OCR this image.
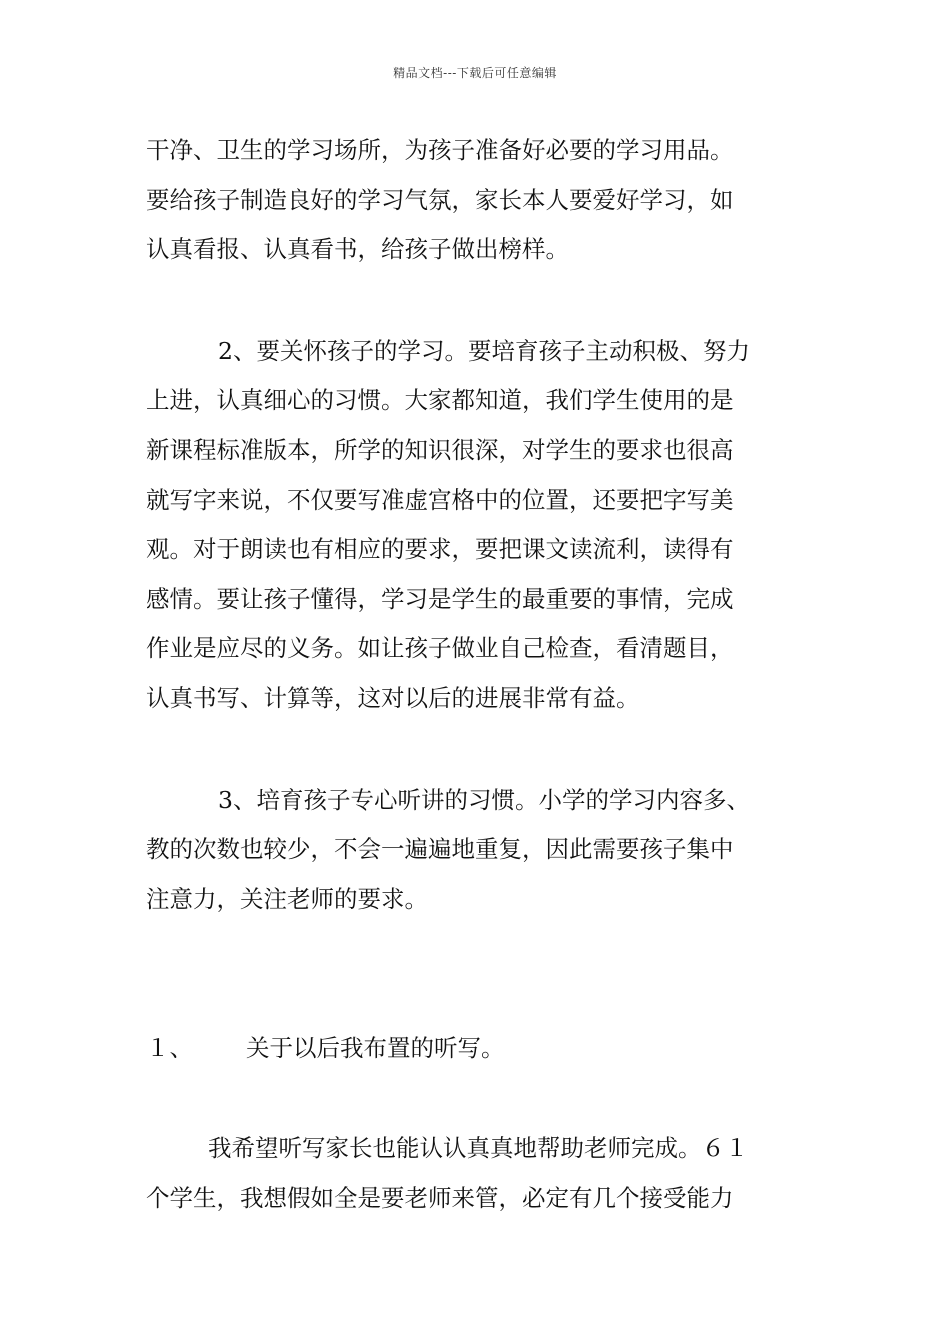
精品文档---下载后可任意编辑

干净、卫生的学习场所，为孩子准备好必要的学习用品。
要给孩子制造良好的学习气氛，家长本人要爱好学习，如
认真看报、认真看书，给孩子做出榜样。

2、要关怀孩子的学习。要培育孩子主动积极、努力
上进，认真细心的习惯。大家都知道，我们学生使用的是
新课程标准版本，所学的知识很深，对学生的要求也很高
就写字来说，不仅要写准虚宫格中的位置，还要把字写美
观。对于朗读也有相应的要求，要把课文读流利，读得有
感情。要让孩子懂得，学习是学生的最重要的事情，完成
作业是应尽的义务。如让孩子做业自己检查，看清题目，
认真书写、计算等，这对以后的进展非常有益。

3、培育孩子专心听讲的习惯。小学的学习内容多、
教的次数也较少，不会一遍遍地重复，因此需要孩子集中
注意力，关注老师的要求。

１、	关于以后我布置的听写。

我希望听写家长也能认认真真地帮助老师完成。６１
个学生，我想假如全是要老师来管，必定有几个接受能力
